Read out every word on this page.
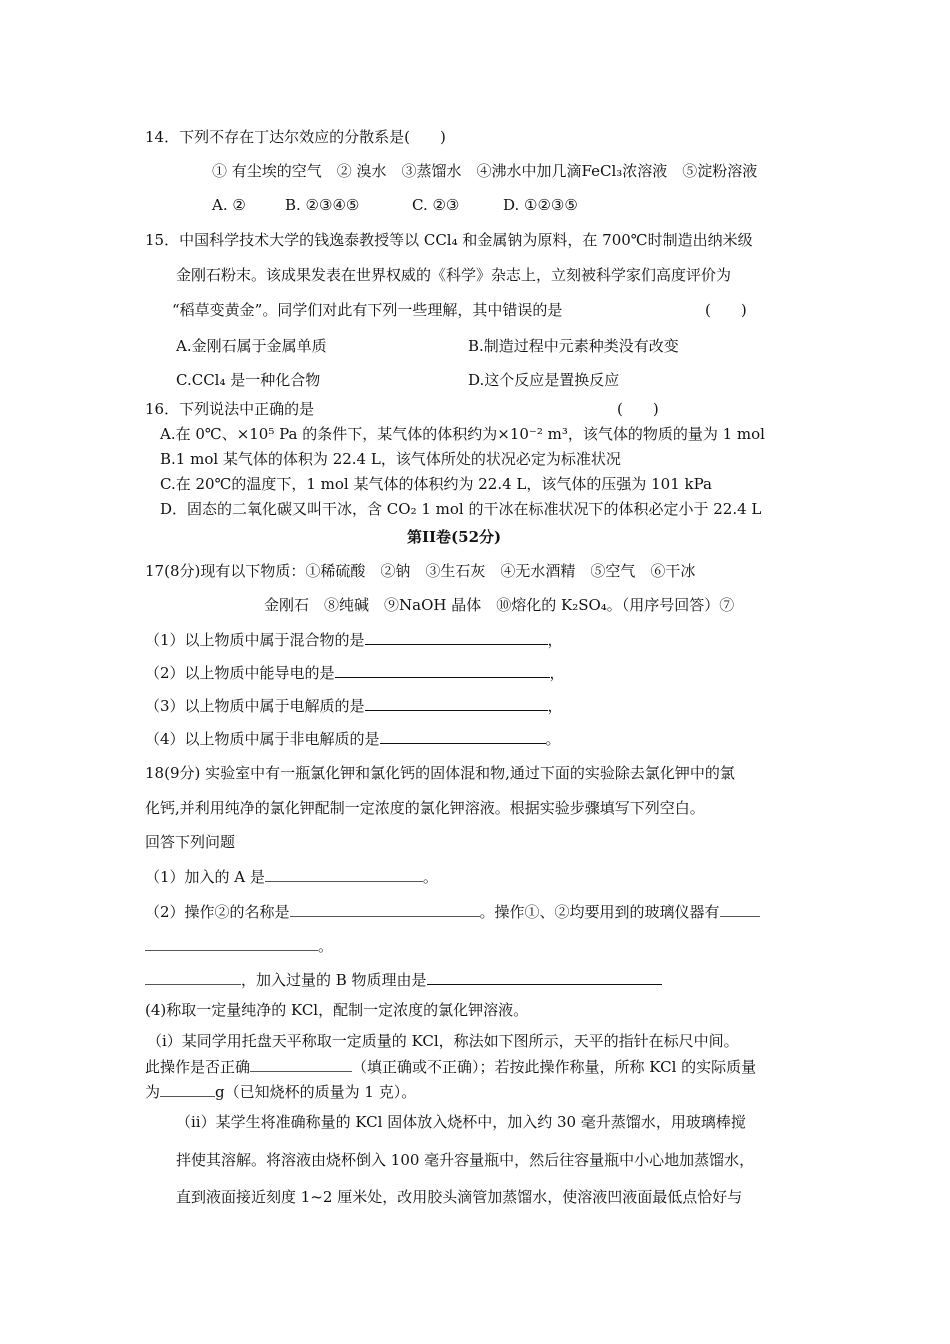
14．下列不存在丁达尔效应的分散系是(　　)
① 有尘埃的空气　② 溴水　③蒸馏水　④沸水中加几滴FeCl₃浓溶液　⑤淀粉溶液
A. ②	B. ②③④⑤	C. ②③	D. ①②③⑤
15．中国科学技术大学的钱逸泰教授等以 CCl₄ 和金属钠为原料，在 700℃时制造出纳米级
金刚石粉末。该成果发表在世界权威的《科学》杂志上，立刻被科学家们高度评价为
“稻草变黄金”。同学们对此有下列一些理解，其中错误的是	(　　)
A.金刚石属于金属单质	B.制造过程中元素种类没有改变
C.CCl₄ 是一种化合物	D.这个反应是置换反应
16．下列说法中正确的是	(　　)
A.在 0℃、×10⁵ Pa 的条件下，某气体的体积约为×10⁻² m³，该气体的物质的量为 1 mol
B.1 mol 某气体的体积为 22.4 L，该气体所处的状况必定为标准状况
C.在 20℃的温度下，1 mol 某气体的体积约为 22.4 L，该气体的压强为 101 kPa
D．固态的二氧化碳又叫干冰，含 CO₂ 1 mol 的干冰在标准状况下的体积必定小于 22.4 L
第II卷(52分)
17(8分)现有以下物质：①稀硫酸　②钠　③生石灰　④无水酒精　⑤空气　⑥干冰
金刚石　⑧纯碱　⑨NaOH 晶体　⑩熔化的 K₂SO₄。（用序号回答）⑦
（1）以上物质中属于混合物的是	，
（2）以上物质中能导电的是	，
（3）以上物质中属于电解质的是	，
（4）以上物质中属于非电解质的是	。
18(9分) 实验室中有一瓶氯化钾和氯化钙的固体混和物,通过下面的实验除去氯化钾中的氯
化钙,并利用纯净的氯化钾配制一定浓度的氯化钾溶液。根据实验步骤填写下列空白。
回答下列问题
（1）加入的 A 是	。
（2）操作②的名称是	。操作①、②均要用到的玻璃仪器有
。
，加入过量的 B 物质理由是
(4)称取一定量纯净的 KCl，配制一定浓度的氯化钾溶液。
（i）某同学用托盘天平称取一定质量的 KCl，称法如下图所示，天平的指针在标尺中间。
此操作是否正确	（填正确或不正确）；若按此操作称量，所称 KCl 的实际质量
为	g（已知烧杯的质量为 1 克）。
（ii）某学生将准确称量的 KCl 固体放入烧杯中，加入约 30 毫升蒸馏水，用玻璃棒搅
拌使其溶解。将溶液由烧杯倒入 100 毫升容量瓶中，然后往容量瓶中小心地加蒸馏水，
直到液面接近刻度 1~2 厘米处，改用胶头滴管加蒸馏水，使溶液凹液面最低点恰好与
